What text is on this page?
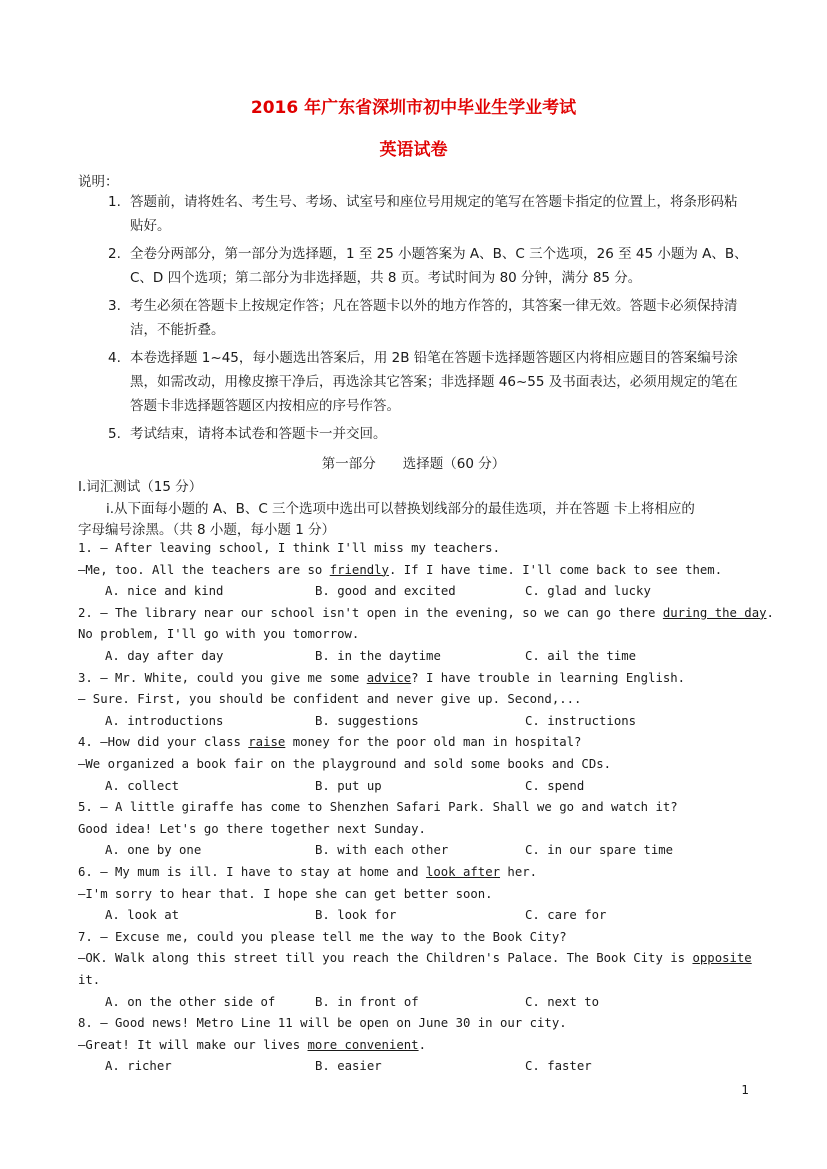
2016 年广东省深圳市初中毕业生学业考试
英语试卷
说明：
1. 答题前，请将姓名、考生号、考场、试室号和座位号用规定的笔写在答题卡指定的位置上，将条形码粘贴好。
2. 全卷分两部分，第一部分为选择题，1 至 25 小题答案为 A、B、C 三个选项，26 至 45 小题为 A、B、C、D 四个选项；第二部分为非选择题，共 8 页。考试时间为 80 分钟，满分 85 分。
3. 考生必须在答题卡上按规定作答；凡在答题卡以外的地方作答的，其答案一律无效。答题卡必须保持清洁，不能折叠。
4. 本卷选择题 1~45，每小题选出答案后，用 2B 铅笔在答题卡选择题答题区内将相应题目的答案编号涂黑，如需改动，用橡皮擦干净后，再选涂其它答案；非选择题 46~55 及书面表达，必须用规定的笔在答题卡非选择题答题区内按相应的序号作答。
5. 考试结束，请将本试卷和答题卡一并交回。
第一部分　　选择题（60 分）
I.词汇测试（15 分）
i.从下面每小题的 A、B、C 三个选项中选出可以替换划线部分的最佳选项，并在答题 卡上将相应的
字母编号涂黑。（共 8 小题，每小题 1 分）
1. — After leaving school, I think I'll miss my teachers.
—Me, too. All the teachers are so friendly. If I have time. I'll come back to see them.
A. nice and kind	B. good and excited	C. glad and lucky
2. — The library near our school isn't open in the evening, so we can go there during the day.
No problem, I'll go with you tomorrow.
A. day after day	B. in the daytime	C. ail the time
3. — Mr. White, could you give me some advice? I have trouble in learning English.
— Sure. First, you should be confident and never give up. Second,...
A. introductions	B. suggestions	C. instructions
4. —How did your class raise money for the poor old man in hospital?
—We organized a book fair on the playground and sold some books and CDs.
A. collect	B. put up	C. spend
5. — A little giraffe has come to Shenzhen Safari Park. Shall we go and watch it?
Good idea! Let's go there together next Sunday.
A. one by one	B. with each other	C. in our spare time
6. — My mum is ill. I have to stay at home and look after her.
—I'm sorry to hear that. I hope she can get better soon.
A. look at	B. look for	C. care for
7. — Excuse me, could you please tell me the way to the Book City?
—OK. Walk along this street till you reach the Children's Palace. The Book City is opposite
it.
A. on the other side of	B. in front of	C. next to
8. — Good news! Metro Line 11 will be open on June 30 in our city.
—Great! It will make our lives more convenient.
A. richer	B. easier	C. faster
1
